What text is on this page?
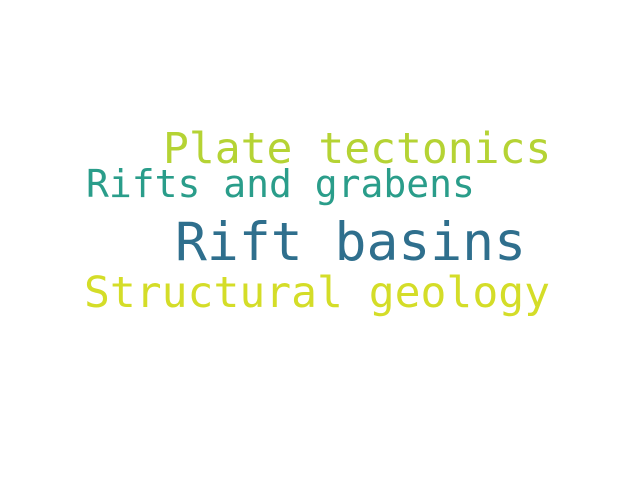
Plate tectonics
Rifts and grabens
Rift basins
Structural geology
